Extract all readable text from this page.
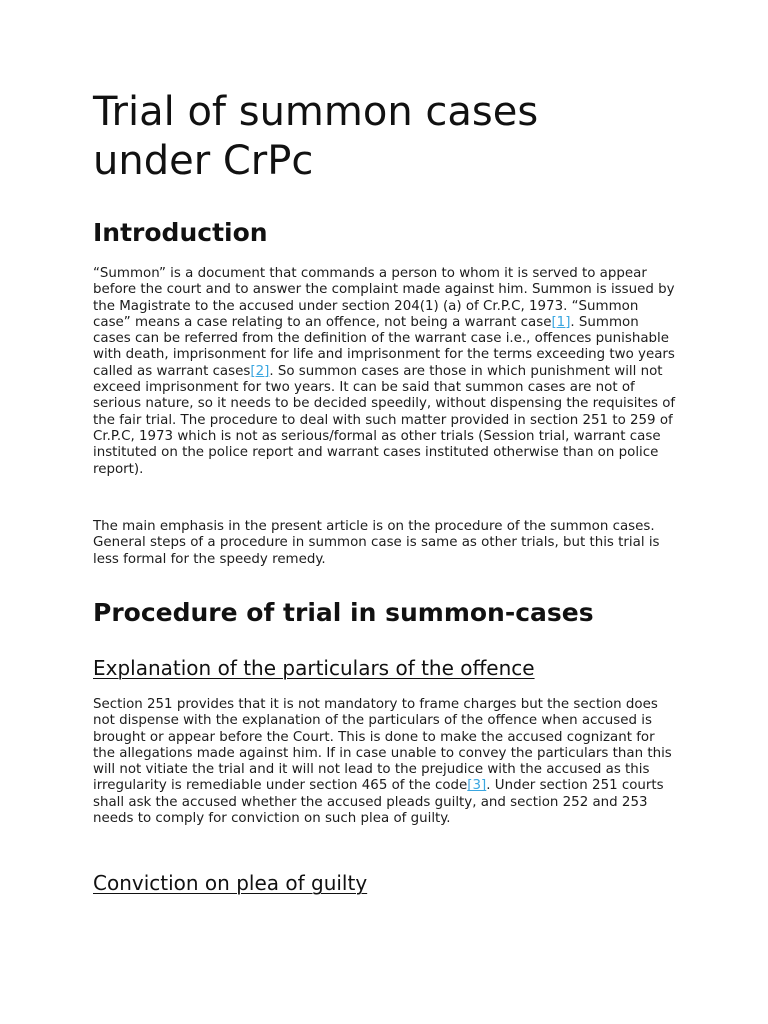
Trial of summon cases under CrPc
Introduction

“Summon” is a document that commands a person to whom it is served to appear before the court and to answer the complaint made against him. Summon is issued by the Magistrate to the accused under section 204(1) (a) of Cr.P.C, 1973. “Summon case” means a case relating to an offence, not being a warrant case[1]. Summon cases can be referred from the definition of the warrant case i.e., offences punishable with death, imprisonment for life and imprisonment for the terms exceeding two years called as warrant cases[2]. So summon cases are those in which punishment will not exceed imprisonment for two years. It can be said that summon cases are not of serious nature, so it needs to be decided speedily, without dispensing the requisites of the fair trial. The procedure to deal with such matter provided in section 251 to 259 of Cr.P.C, 1973 which is not as serious/formal as other trials (Session trial, warrant case instituted on the police report and warrant cases instituted otherwise than on police report).

The main emphasis in the present article is on the procedure of the summon cases. General steps of a procedure in summon case is same as other trials, but this trial is less formal for the speedy remedy.

Procedure of trial in summon-cases
Explanation of the particulars of the offence

Section 251 provides that it is not mandatory to frame charges but the section does not dispense with the explanation of the particulars of the offence when accused is brought or appear before the Court. This is done to make the accused cognizant for the allegations made against him. If in case unable to convey the particulars than this will not vitiate the trial and it will not lead to the prejudice with the accused as this irregularity is remediable under section 465 of the code[3]. Under section 251 courts shall ask the accused whether the accused pleads guilty, and section 252 and 253 needs to comply for conviction on such plea of guilty.

Conviction on plea of guilty
